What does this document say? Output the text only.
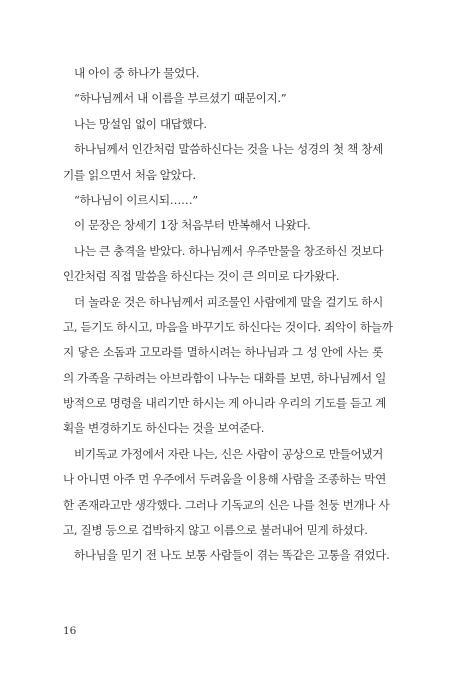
내 아이 중 하나가 물었다.
“하나님께서 내 이름을 부르셨기 때문이지.”
나는 망설임 없이 대답했다.
하나님께서 인간처럼 말씀하신다는 것을 나는 성경의 첫 책 창세
기를 읽으면서 처음 알았다.
“하나님이 이르시되……”
이 문장은 창세기 1장 처음부터 반복해서 나왔다.
나는 큰 충격을 받았다. 하나님께서 우주만물을 창조하신 것보다
인간처럼 직접 말씀을 하신다는 것이 큰 의미로 다가왔다.
더 놀라운 것은 하나님께서 피조물인 사람에게 말을 걸기도 하시
고, 듣기도 하시고, 마음을 바꾸기도 하신다는 것이다. 죄악이 하늘까
지 닿은 소돔과 고모라를 멸하시려는 하나님과 그 성 안에 사는 롯
의 가족을 구하려는 아브라함이 나누는 대화를 보면, 하나님께서 일
방적으로 명령을 내리기만 하시는 게 아니라 우리의 기도를 듣고 계
획을 변경하기도 하신다는 것을 보여준다.
비기독교 가정에서 자란 나는, 신은 사람이 공상으로 만들어냈거
나 아니면 아주 먼 우주에서 두려움을 이용해 사람을 조종하는 막연
한 존재라고만 생각했다. 그러나 기독교의 신은 나를 천둥 번개나 사
고, 질병 등으로 겁박하지 않고 이름으로 불러내어 믿게 하셨다.
하나님을 믿기 전 나도 보통 사람들이 겪는 똑같은 고통을 겪었다.
16
